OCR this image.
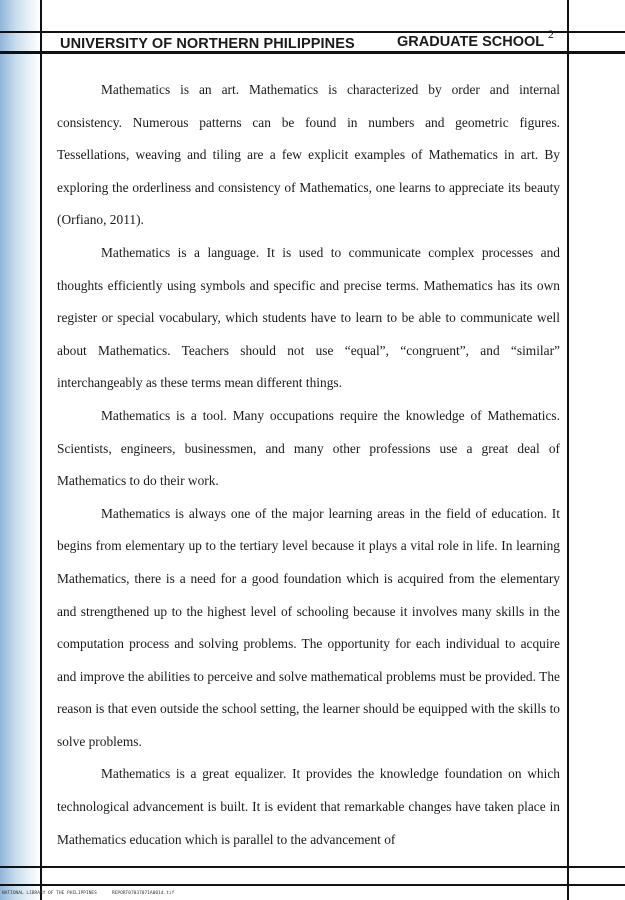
UNIVERSITY OF NORTHERN PHILIPPINES	GRADUATE SCHOOL 2

Mathematics is an art. Mathematics is characterized by order and internal consistency. Numerous patterns can be found in numbers and geometric figures. Tessellations, weaving and tiling are a few explicit examples of Mathematics in art. By exploring the orderliness and consistency of Mathematics, one learns to appreciate its beauty (Orfiano, 2011).

Mathematics is a language. It is used to communicate complex processes and thoughts efficiently using symbols and specific and precise terms. Mathematics has its own register or special vocabulary, which students have to learn to be able to communicate well about Mathematics. Teachers should not use “equal”, “congruent”, and “similar” interchangeably as these terms mean different things.

Mathematics is a tool. Many occupations require the knowledge of Mathematics. Scientists, engineers, businessmen, and many other professions use a great deal of Mathematics to do their work.

Mathematics is always one of the major learning areas in the field of education. It begins from elementary up to the tertiary level because it plays a vital role in life. In learning Mathematics, there is a need for a good foundation which is acquired from the elementary and strengthened up to the highest level of schooling because it involves many skills in the computation process and solving problems. The opportunity for each individual to acquire and improve the abilities to perceive and solve mathematical problems must be provided. The reason is that even outside the school setting, the learner should be equipped with the skills to solve problems.

Mathematics is a great equalizer. It provides the knowledge foundation on which technological advancement is built. It is evident that remarkable changes have taken place in Mathematics education which is parallel to the advancement of

NATIONAL LIBRARY OF THE PHILIPPINES	REPORT07037071A0014.tif
